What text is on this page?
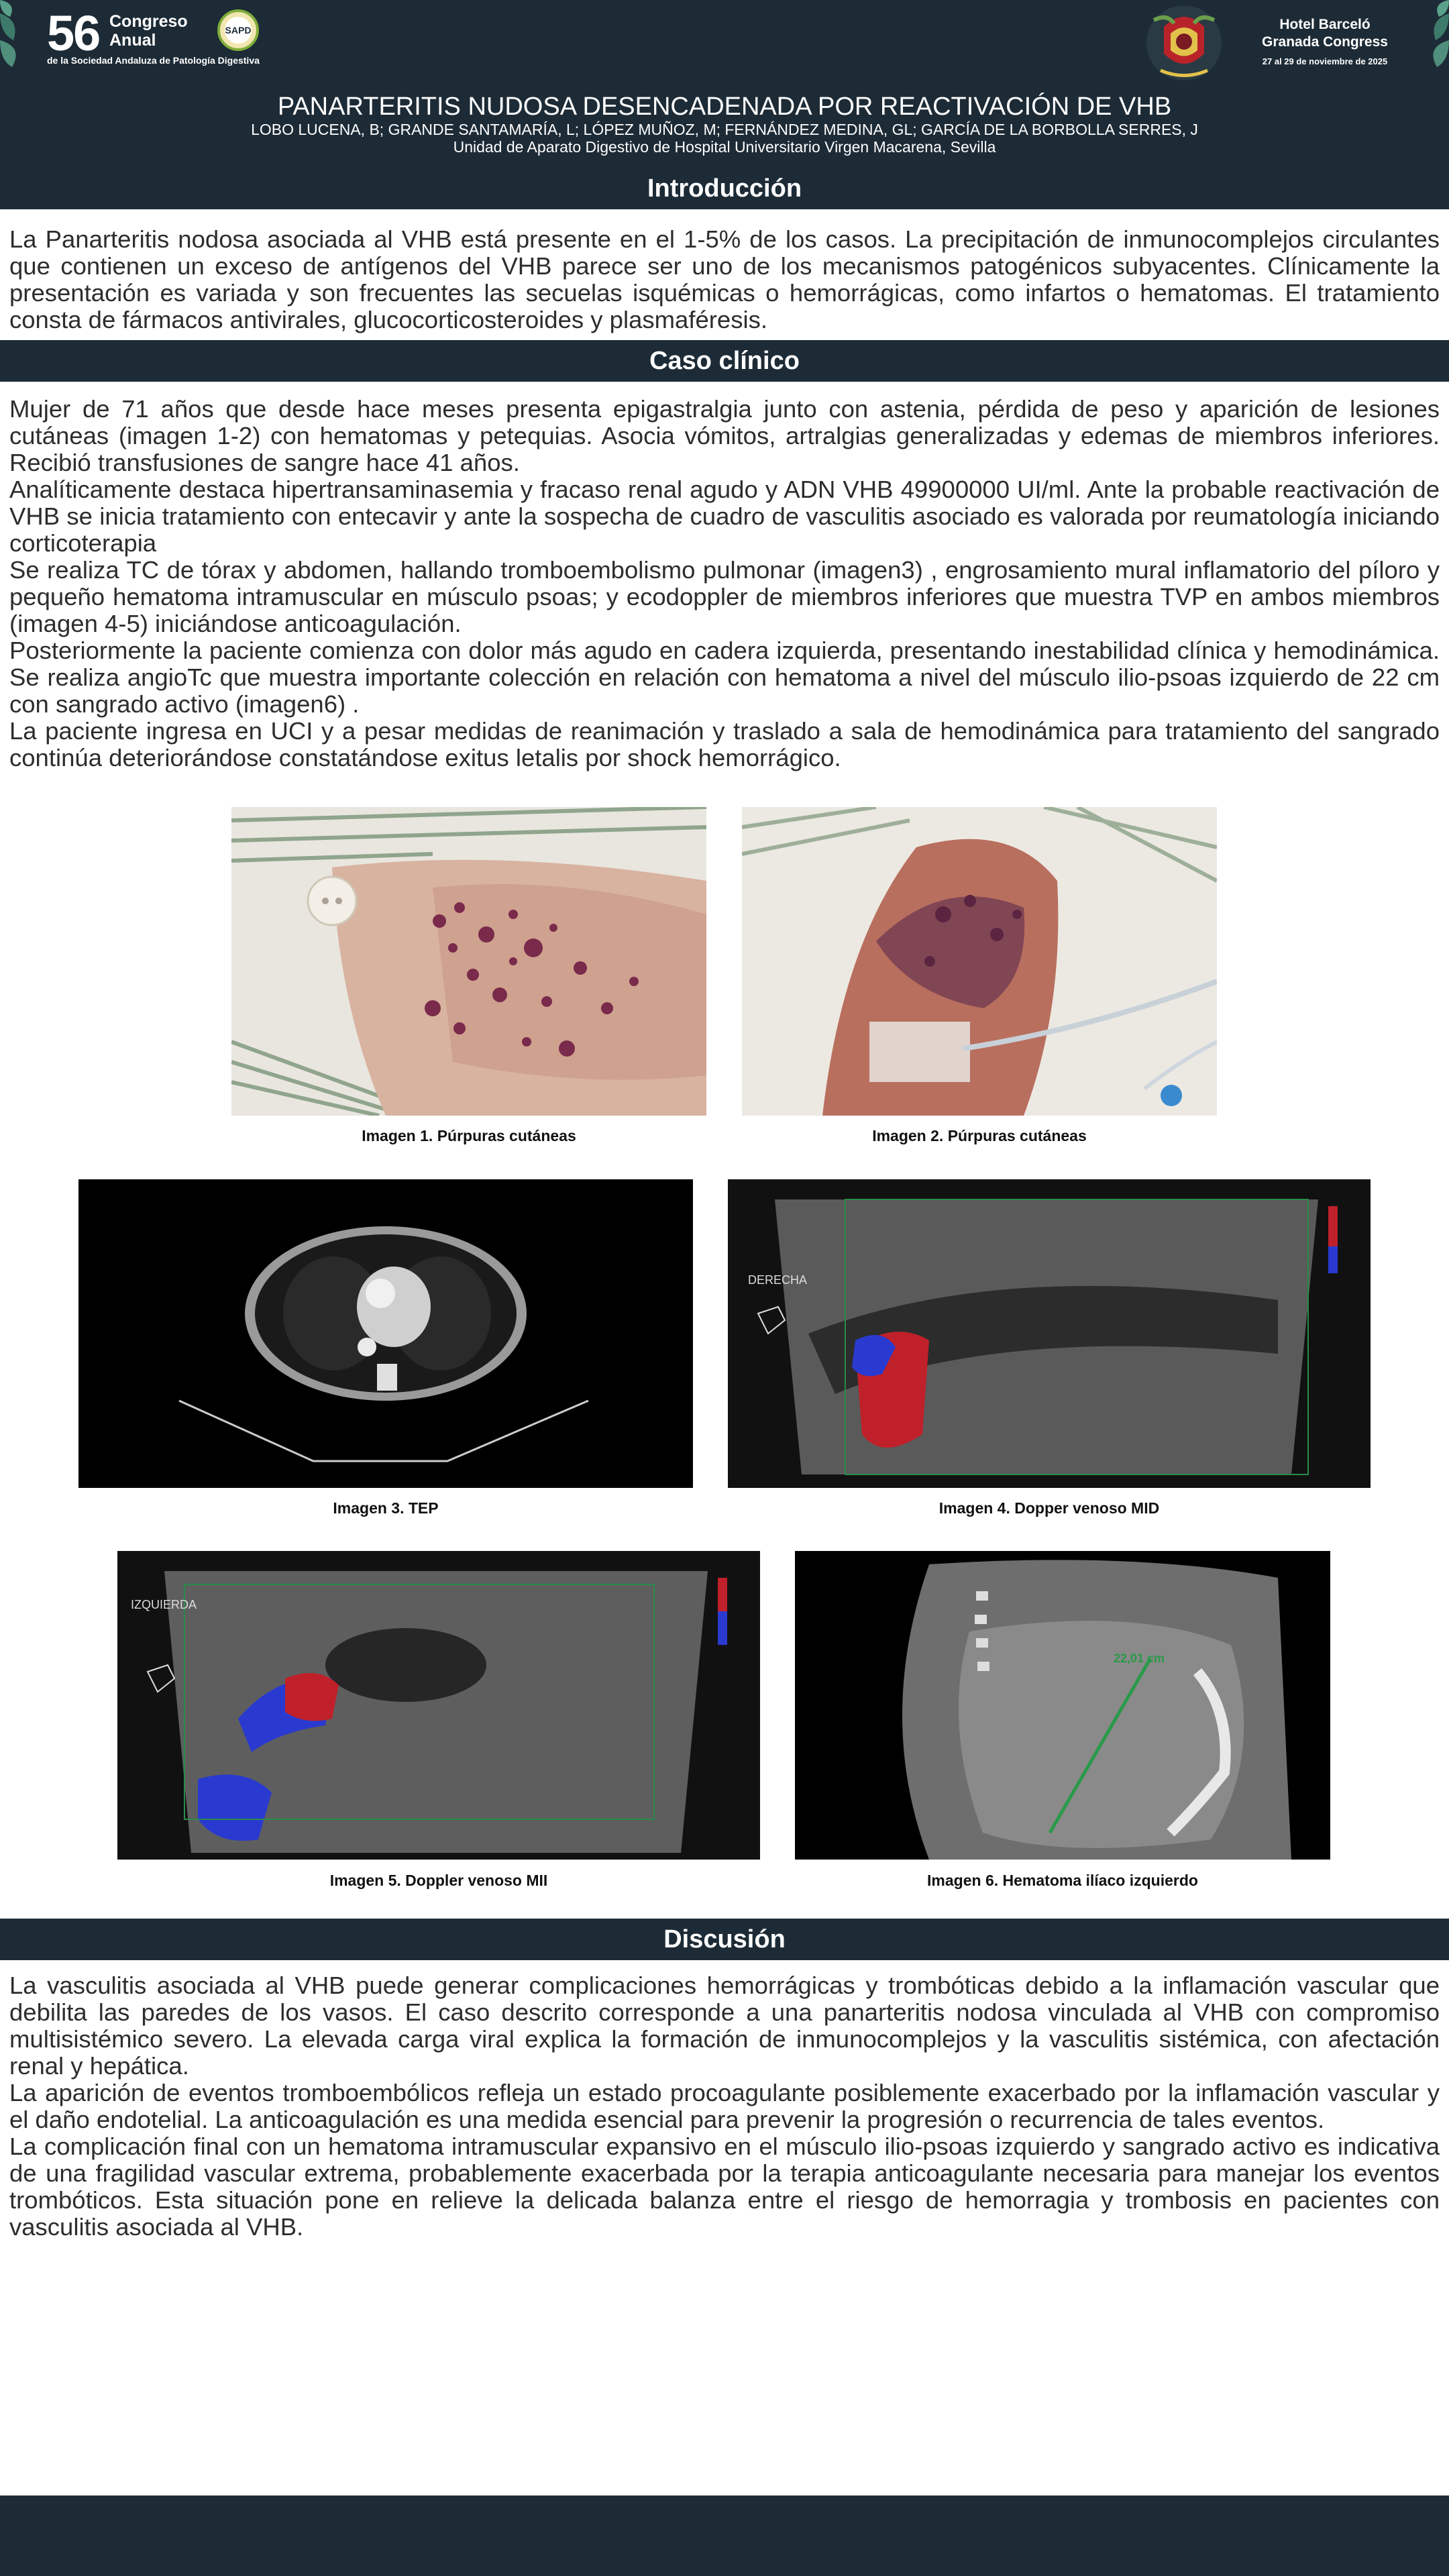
56 Congreso Anual
de la Sociedad Andaluza de Patología Digestiva
SAPD	Hotel Barceló
Granada Congress
27 al 29 de noviembre de 2025
PANARTERITIS NUDOSA DESENCADENADA POR REACTIVACIÓN DE VHB
LOBO LUCENA, B; GRANDE SANTAMARÍA, L; LÓPEZ MUÑOZ, M; FERNÁNDEZ MEDINA, GL; GARCÍA DE LA BORBOLLA SERRES, J
Unidad de Aparato Digestivo de Hospital Universitario Virgen Macarena, Sevilla
Introducción

La Panarteritis nodosa asociada al VHB está presente en el 1-5% de los casos. La precipitación de inmunocomplejos circulantes que contienen un exceso de antígenos del VHB parece ser uno de los mecanismos patogénicos subyacentes. Clínicamente la presentación es variada y son frecuentes las secuelas isquémicas o hemorrágicas, como infartos o hematomas. El tratamiento consta de fármacos antivirales, glucocorticosteroides y plasmaféresis.

Caso clínico

Mujer de 71 años que desde hace meses presenta epigastralgia junto con astenia, pérdida de peso y aparición de lesiones cutáneas (imagen 1-2) con hematomas y petequias. Asocia vómitos, artralgias generalizadas y edemas de miembros inferiores. Recibió transfusiones de sangre hace 41 años.

Analíticamente destaca hipertransaminasemia y fracaso renal agudo y ADN VHB 49900000 UI/ml. Ante la probable reactivación de VHB se inicia tratamiento con entecavir y ante la sospecha de cuadro de vasculitis asociado es valorada por reumatología iniciando corticoterapia

Se realiza TC de tórax y abdomen, hallando tromboembolismo pulmonar (imagen3) , engrosamiento mural inflamatorio del píloro y pequeño hematoma intramuscular en músculo psoas; y ecodoppler de miembros inferiores que muestra TVP en ambos miembros (imagen 4-5) iniciándose anticoagulación.

Posteriormente la paciente comienza con dolor más agudo en cadera izquierda, presentando inestabilidad clínica y hemodinámica. Se realiza angioTc que muestra importante colección en relación con hematoma a nivel del músculo ilio-psoas izquierdo de 22 cm con sangrado activo (imagen6) .

La paciente ingresa en UCI y a pesar medidas de reanimación y traslado a sala de hemodinámica para tratamiento del sangrado continúa deteriorándose constatándose exitus letalis por shock hemorrágico.

Imagen 1. Púrpuras cutáneas	Imagen 2. Púrpuras cutáneas
Imagen 3. TEP
DERECHA
Imagen 4. Dopper venoso MID
IZQUIERDA
Imagen 5. Doppler venoso MII
22,01 cm
Imagen 6. Hematoma ilíaco izquierdo
Discusión

La vasculitis asociada al VHB puede generar complicaciones hemorrágicas y trombóticas debido a la inflamación vascular que debilita las paredes de los vasos. El caso descrito corresponde a una panarteritis nodosa vinculada al VHB con compromiso multisistémico severo. La elevada carga viral explica la formación de inmunocomplejos y la vasculitis sistémica, con afectación renal y hepática.

La aparición de eventos tromboembólicos refleja un estado procoagulante posiblemente exacerbado por la inflamación vascular y el daño endotelial. La anticoagulación es una medida esencial para prevenir la progresión o recurrencia de tales eventos.

La complicación final con un hematoma intramuscular expansivo en el músculo ilio-psoas izquierdo y sangrado activo es indicativa de una fragilidad vascular extrema, probablemente exacerbada por la terapia anticoagulante necesaria para manejar los eventos trombóticos. Esta situación pone en relieve la delicada balanza entre el riesgo de hemorragia y trombosis en pacientes con vasculitis asociada al VHB.
